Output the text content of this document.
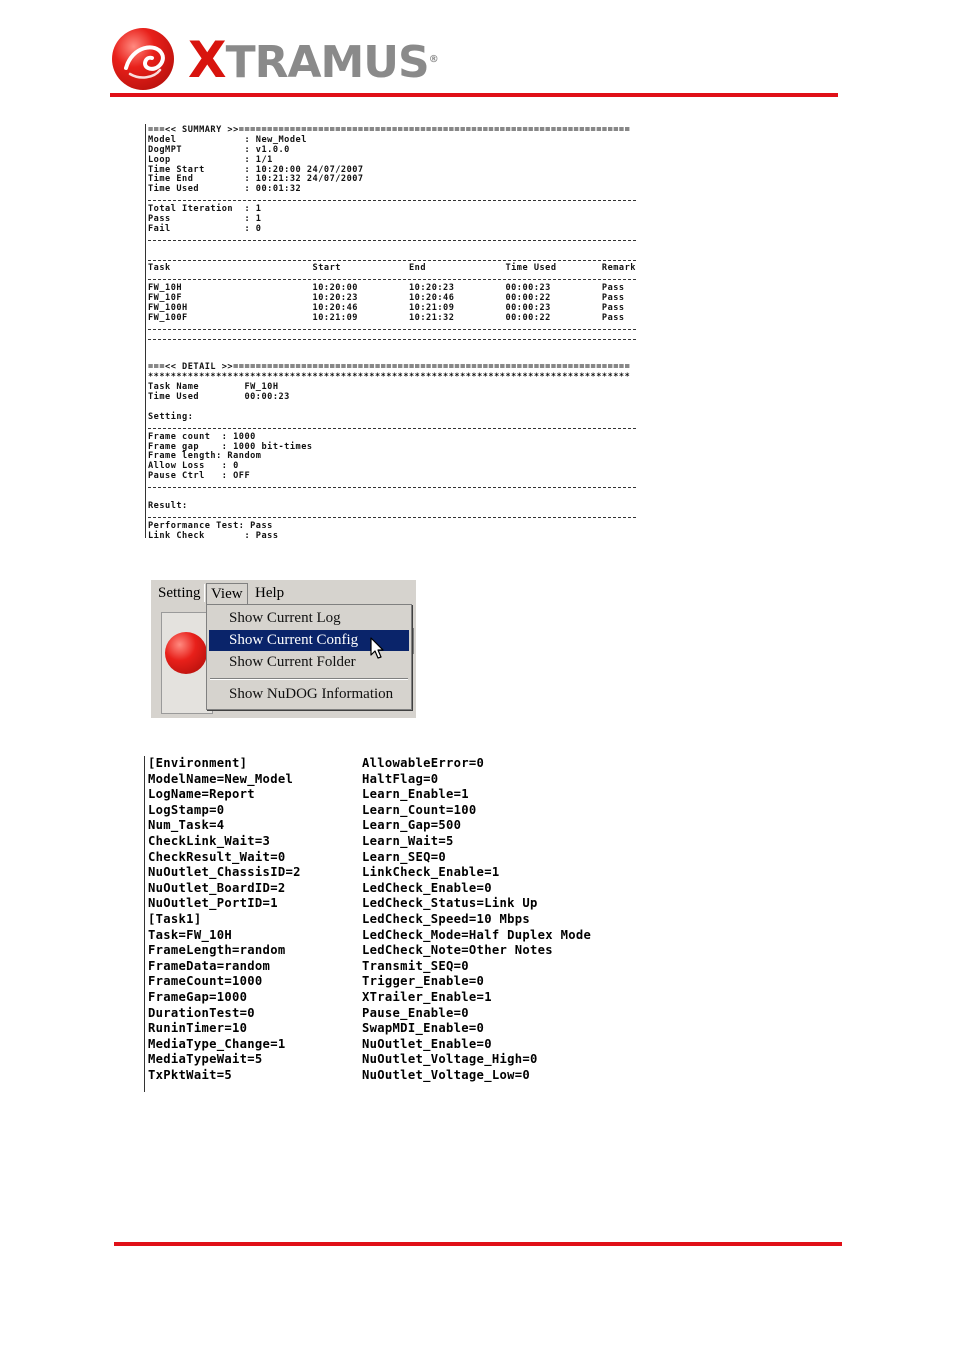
XTRAMUS®
===<< SUMMARY >>=====================================================================
Model            : New_Model
DogMPT           : v1.0.0
Loop             : 1/1
Time Start       : 10:20:00 24/07/2007
Time End         : 10:21:32 24/07/2007
Time Used        : 00:01:32
Total Iteration  : 1
Pass             : 1
Fail             : 0
Task                         Start            End              Time Used        Remark
FW_10H                       10:20:00         10:20:23         00:00:23         Pass
FW_10F                       10:20:23         10:20:46         00:00:22         Pass
FW_100H                      10:20:46         10:21:09         00:00:23         Pass
FW_100F                      10:21:09         10:21:32         00:00:22         Pass
===<< DETAIL >>======================================================================
*************************************************************************************
Task Name        FW_10H
Time Used        00:00:23
Setting:
Frame count  : 1000
Frame gap    : 1000 bit-times
Frame length: Random
Allow Loss   : 0
Pause Ctrl   : OFF
Result:
Performance Test: Pass
Link Check       : Pass
Setting View Help
Show Current Log
Show Current Config
Show Current Folder
Show NuDOG Information
[Environment]
ModelName=New_Model
LogName=Report
LogStamp=0
Num_Task=4
CheckLink_Wait=3
CheckResult_Wait=0
NuOutlet_ChassisID=2
NuOutlet_BoardID=2
NuOutlet_PortID=1
[Task1]
Task=FW_10H
FrameLength=random
FrameData=random
FrameCount=1000
FrameGap=1000
DurationTest=0
RuninTimer=10
MediaType_Change=1
MediaTypeWait=5
TxPktWait=5
AllowableError=0
HaltFlag=0
Learn_Enable=1
Learn_Count=100
Learn_Gap=500
Learn_Wait=5
Learn_SEQ=0
LinkCheck_Enable=1
LedCheck_Enable=0
LedCheck_Status=Link Up
LedCheck_Speed=10 Mbps
LedCheck_Mode=Half Duplex Mode
LedCheck_Note=Other Notes
Transmit_SEQ=0
Trigger_Enable=0
XTrailer_Enable=1
Pause_Enable=0
SwapMDI_Enable=0
NuOutlet_Enable=0
NuOutlet_Voltage_High=0
NuOutlet_Voltage_Low=0
